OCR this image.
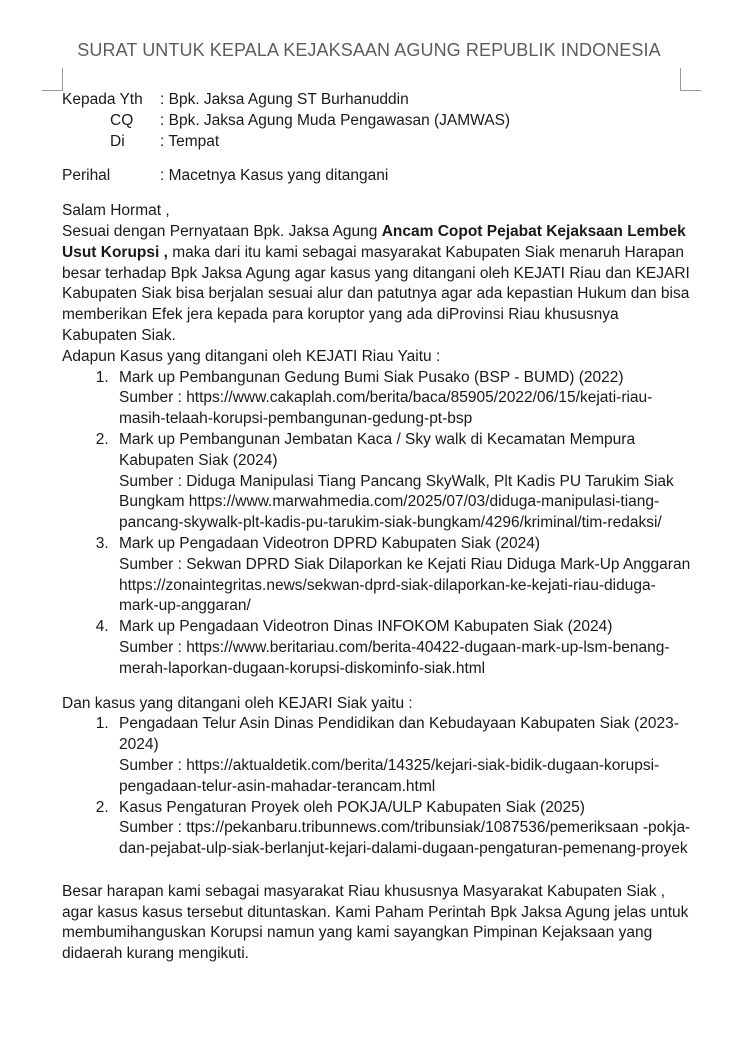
SURAT UNTUK KEPALA KEJAKSAAN AGUNG REPUBLIK INDONESIA
Kepada Yth	: Bpk. Jaksa Agung ST Burhanuddin
CQ	: Bpk. Jaksa Agung Muda Pengawasan (JAMWAS)
Di	: Tempat
Perihal	: Macetnya Kasus yang ditangani

Salam Hormat ,

Sesuai dengan Pernyataan Bpk. Jaksa Agung Ancam Copot Pejabat Kejaksaan Lembek Usut Korupsi , maka dari itu kami sebagai masyarakat Kabupaten Siak menaruh Harapan besar terhadap Bpk Jaksa Agung agar kasus yang ditangani oleh KEJATI Riau dan KEJARI Kabupaten Siak bisa berjalan sesuai alur dan patutnya agar ada kepastian Hukum dan bisa memberikan Efek jera kepada para koruptor yang ada diProvinsi Riau khususnya Kabupaten Siak.

Adapun Kasus yang ditangani oleh KEJATI Riau Yaitu :

1. Mark up Pembangunan Gedung Bumi Siak Pusako (BSP - BUMD) (2022)
Sumber : https://www.cakaplah.com/berita/baca/85905/2022/06/15/kejati-riau-masih-telaah-korupsi-pembangunan-gedung-pt-bsp
2. Mark up Pembangunan Jembatan Kaca / Sky walk di Kecamatan Mempura Kabupaten Siak (2024)
Sumber : Diduga Manipulasi Tiang Pancang SkyWalk, Plt Kadis PU Tarukim Siak Bungkam https://www.marwahmedia.com/2025/07/03/diduga-manipulasi-tiang-pancang-skywalk-plt-kadis-pu-tarukim-siak-bungkam/4296/kriminal/tim-redaksi/
3. Mark up Pengadaan Videotron DPRD Kabupaten Siak (2024)
Sumber : Sekwan DPRD Siak Dilaporkan ke Kejati Riau Diduga Mark-Up Anggaran https://zonaintegritas.news/sekwan-dprd-siak-dilaporkan-ke-kejati-riau-diduga-mark-up-anggaran/
4. Mark up Pengadaan Videotron Dinas INFOKOM Kabupaten Siak (2024)
Sumber : https://www.beritariau.com/berita-40422-dugaan-mark-up-lsm-benang-merah-laporkan-dugaan-korupsi-diskominfo-siak.html

Dan kasus yang ditangani oleh KEJARI Siak yaitu :

1. Pengadaan Telur Asin Dinas Pendidikan dan Kebudayaan Kabupaten Siak (2023-2024)
Sumber : https://aktualdetik.com/berita/14325/kejari-siak-bidik-dugaan-korupsi-pengadaan-telur-asin-mahadar-terancam.html
2. Kasus Pengaturan Proyek oleh POKJA/ULP Kabupaten Siak (2025)
Sumber : ttps://pekanbaru.tribunnews.com/tribunsiak/1087536/pemeriksaan -pokja-dan-pejabat-ulp-siak-berlanjut-kejari-dalami-dugaan-pengaturan-pemenang-proyek

Besar harapan kami sebagai masyarakat Riau khususnya Masyarakat Kabupaten Siak , agar kasus kasus tersebut dituntaskan. Kami Paham Perintah Bpk Jaksa Agung jelas untuk membumihanguskan Korupsi namun yang kami sayangkan Pimpinan Kejaksaan yang didaerah kurang mengikuti.
